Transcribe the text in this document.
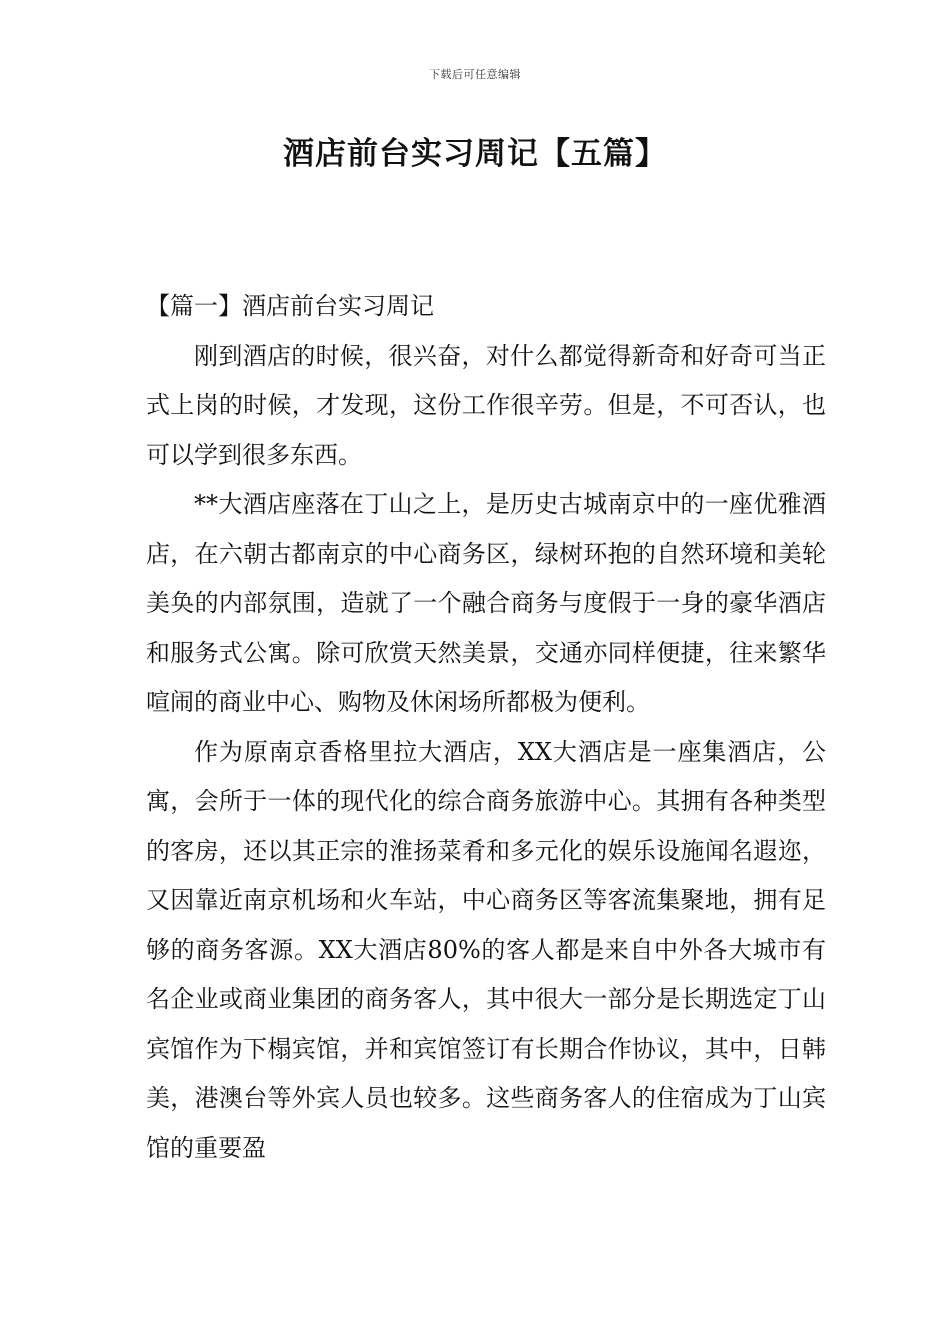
下载后可任意编辑
酒店前台实习周记【五篇】
【篇一】酒店前台实习周记

刚到酒店的时候，很兴奋，对什么都觉得新奇和好奇可当正式上岗的时候，才发现，这份工作很辛劳。但是，不可否认，也可以学到很多东西。

**大酒店座落在丁山之上，是历史古城南京中的一座优雅酒店，在六朝古都南京的中心商务区，绿树环抱的自然环境和美轮美奂的内部氛围，造就了一个融合商务与度假于一身的豪华酒店和服务式公寓。除可欣赏天然美景，交通亦同样便捷，往来繁华喧闹的商业中心、购物及休闲场所都极为便利。

作为原南京香格里拉大酒店，XX大酒店是一座集酒店，公寓，会所于一体的现代化的综合商务旅游中心。其拥有各种类型的客房，还以其正宗的淮扬菜肴和多元化的娱乐设施闻名遐迩，又因靠近南京机场和火车站，中心商务区等客流集聚地，拥有足够的商务客源。XX大酒店80%的客人都是来自中外各大城市有名企业或商业集团的商务客人，其中很大一部分是长期选定丁山宾馆作为下榻宾馆，并和宾馆签订有长期合作协议，其中，日韩美，港澳台等外宾人员也较多。这些商务客人的住宿成为丁山宾馆的重要盈
